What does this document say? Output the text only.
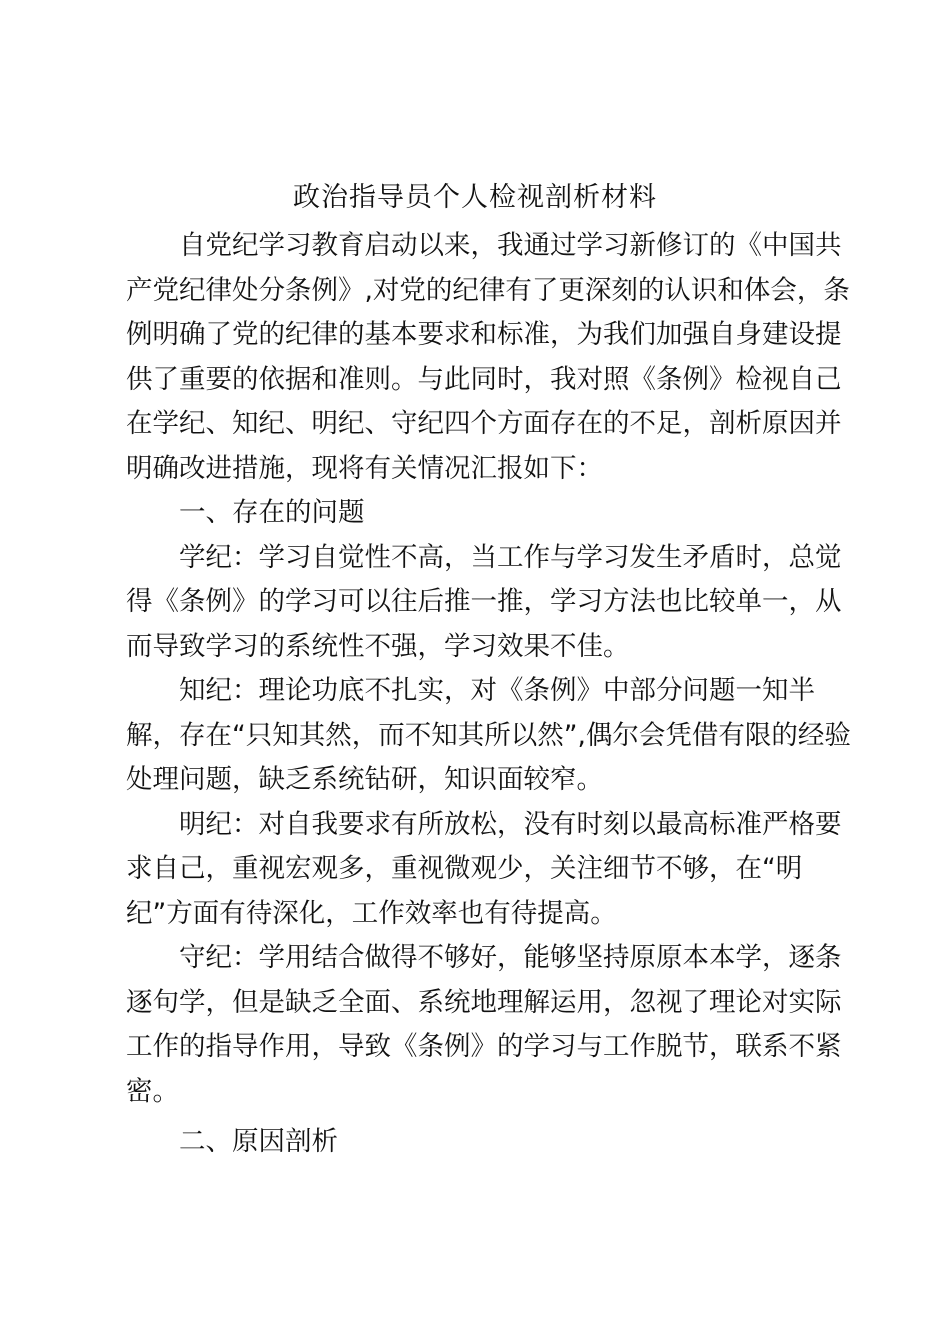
政治指导员个人检视剖析材料

自党纪学习教育启动以来，我通过学习新修订的《中国共
产党纪律处分条例》,对党的纪律有了更深刻的认识和体会，条
例明确了党的纪律的基本要求和标准，为我们加强自身建设提
供了重要的依据和准则。与此同时，我对照《条例》检视自己
在学纪、知纪、明纪、守纪四个方面存在的不足，剖析原因并
明确改进措施，现将有关情况汇报如下：

一、存在的问题

学纪：学习自觉性不高，当工作与学习发生矛盾时，总觉
得《条例》的学习可以往后推一推，学习方法也比较单一，从
而导致学习的系统性不强，学习效果不佳。

知纪：理论功底不扎实，对《条例》中部分问题一知半
解，存在“只知其然，而不知其所以然”,偶尔会凭借有限的经验
处理问题，缺乏系统钻研，知识面较窄。

明纪：对自我要求有所放松，没有时刻以最高标准严格要
求自己，重视宏观多，重视微观少，关注细节不够，在“明
纪”方面有待深化，工作效率也有待提高。

守纪：学用结合做得不够好，能够坚持原原本本学，逐条
逐句学，但是缺乏全面、系统地理解运用，忽视了理论对实际
工作的指导作用，导致《条例》的学习与工作脱节，联系不紧
密。

二、原因剖析
